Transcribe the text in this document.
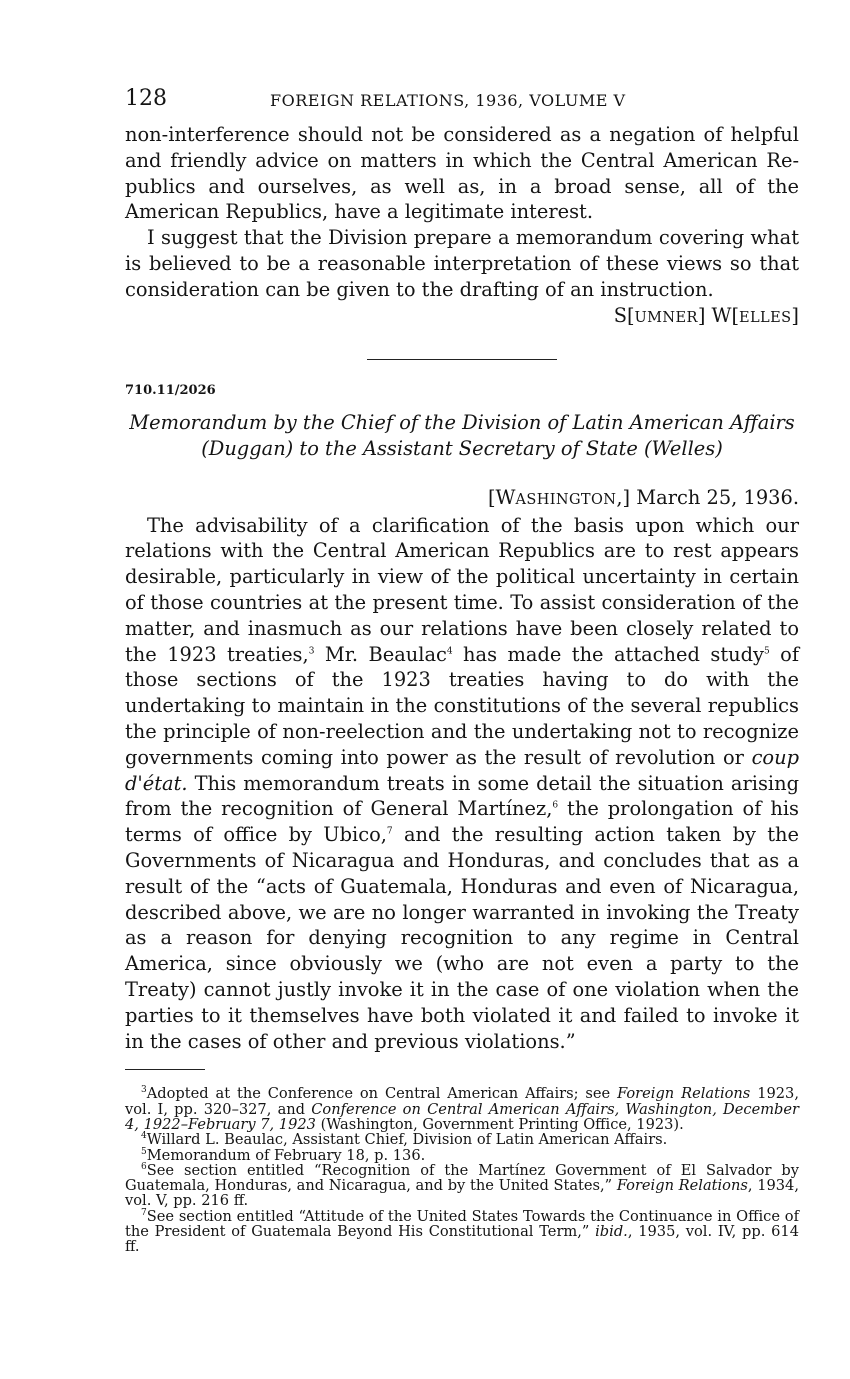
128	FOREIGN RELATIONS, 1936, VOLUME V

non-interference should not be considered as a negation of helpful and friendly advice on matters in which the Central American Re-publics and ourselves, as well as, in a broad sense, all of the American Republics, have a legitimate interest.

I suggest that the Division prepare a memorandum covering what is believed to be a reasonable interpretation of these views so that consideration can be given to the drafting of an instruction.

S[UMNER] W[ELLES]

710.11/2026

Memorandum by the Chief of the Division of Latin American Affairs
(Duggan) to the Assistant Secretary of State (Welles)

[WASHINGTON,] March 25, 1936.

The advisability of a clarification of the basis upon which our relations with the Central American Republics are to rest appears desirable, particularly in view of the political uncertainty in certain of those countries at the present time. To assist consideration of the matter, and inasmuch as our relations have been closely related to the 1923 treaties,$^3$ Mr. Beaulac$^4$ has made the attached study$^5$ of those sections of the 1923 treaties having to do with the undertaking to maintain in the constitutions of the several republics the principle of non-reelection and the undertaking not to recognize governments coming into power as the result of revolution or coup d'état. This memorandum treats in some detail the situation arising from the recognition of General Martínez,$^6$ the prolongation of his terms of office by Ubico,$^7$ and the resulting action taken by the Governments of Nicaragua and Honduras, and concludes that as a result of the “acts of Guatemala, Honduras and even of Nicaragua, described above, we are no longer warranted in invoking the Treaty as a reason for denying recognition to any regime in Central America, since obviously we (who are not even a party to the Treaty) cannot justly invoke it in the case of one violation when the parties to it themselves have both violated it and failed to invoke it in the cases of other and previous violations.”

$^3$Adopted at the Conference on Central American Affairs; see Foreign Relations 1923, vol. I, pp. 320–327, and Conference on Central American Affairs, Washington, December 4, 1922–February 7, 1923 (Washington, Government Printing Office, 1923).

$^4$Willard L. Beaulac, Assistant Chief, Division of Latin American Affairs.

$^5$Memorandum of February 18, p. 136.

$^6$See section entitled “Recognition of the Martínez Government of El Salvador by Guatemala, Honduras, and Nicaragua, and by the United States,” Foreign Relations, 1934, vol. V, pp. 216 ff.

$^7$See section entitled “Attitude of the United States Towards the Continuance in Office of the President of Guatemala Beyond His Constitutional Term,” ibid., 1935, vol. IV, pp. 614 ff.
